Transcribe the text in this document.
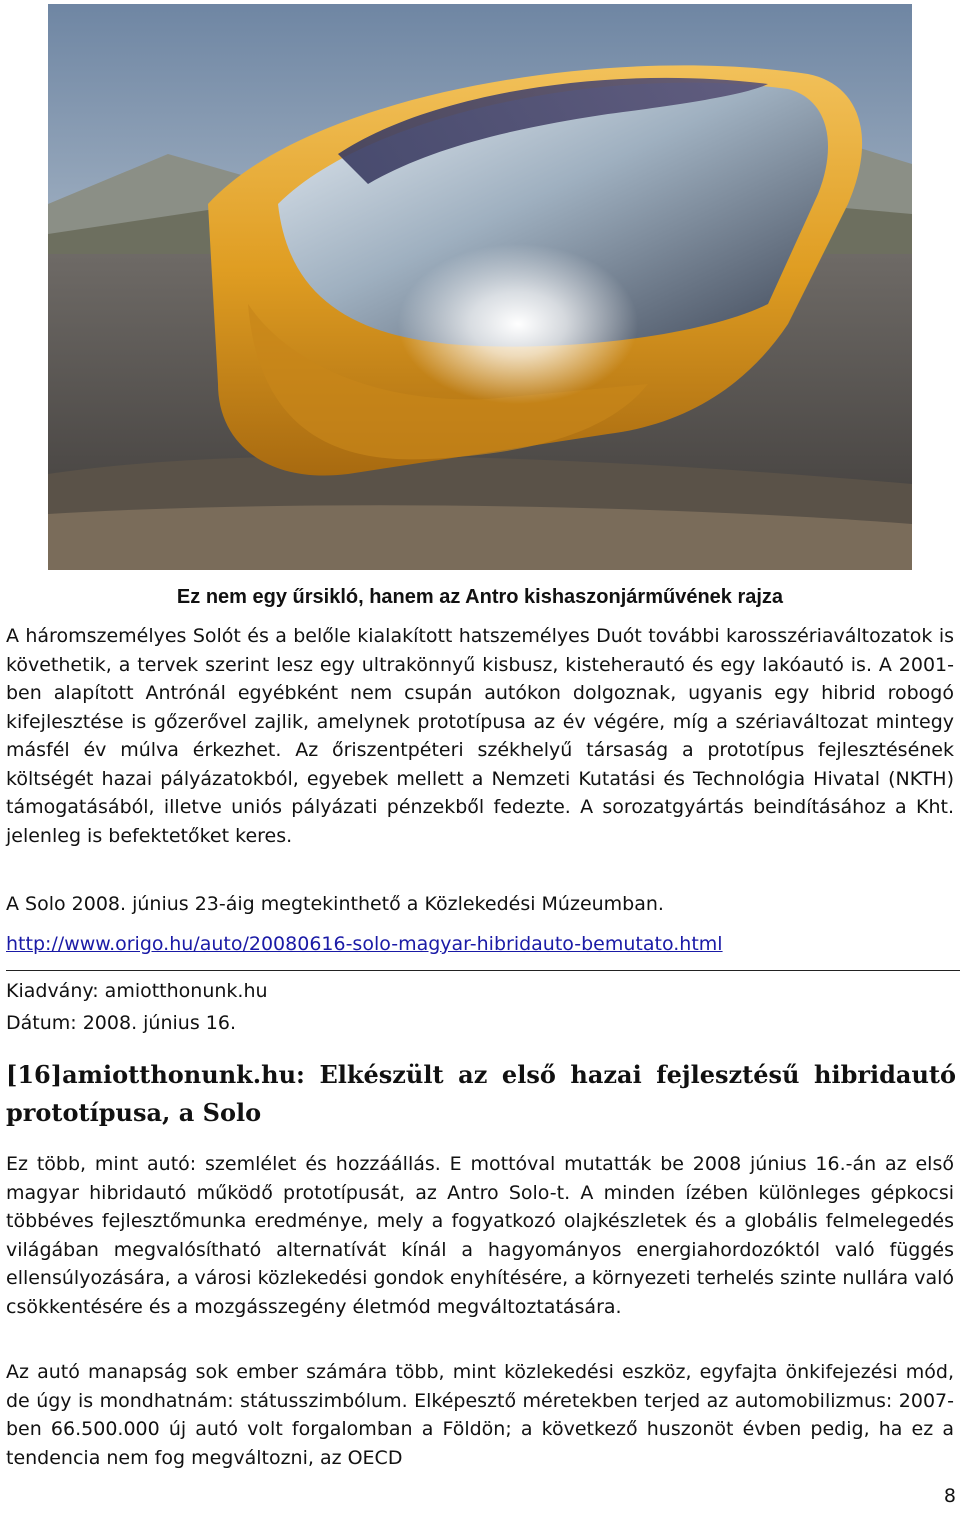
Ez nem egy űrsikló, hanem az Antro kishaszonjárművének rajza

A háromszemélyes Solót és a belőle kialakított hatszemélyes Duót további karosszériaváltozatok is követhetik, a tervek szerint lesz egy ultrakönnyű kisbusz, kisteherautó és egy lakóautó is. A 2001-ben alapított Antrónál egyébként nem csupán autókon dolgoznak, ugyanis egy hibrid robogó kifejlesztése is gőzerővel zajlik, amelynek prototípusa az év végére, míg a szériaváltozat mintegy másfél év múlva érkezhet. Az őriszentpéteri székhelyű társaság a prototípus fejlesztésének költségét hazai pályázatokból, egyebek mellett a Nemzeti Kutatási és Technológia Hivatal (NKTH) támogatásából, illetve uniós pályázati pénzekből fedezte. A sorozatgyártás beindításához a Kht. jelenleg is befektetőket keres.

A Solo 2008. június 23-áig megtekinthető a Közlekedési Múzeumban.
http://www.origo.hu/auto/20080616-solo-magyar-hibridauto-bemutato.html
Kiadvány: amiotthonunk.hu
Dátum: 2008. június 16.
[16]amiotthonunk.hu: Elkészült az első hazai fejlesztésű hibridautó prototípusa, a Solo

Ez több, mint autó: szemlélet és hozzáállás. E mottóval mutatták be 2008 június 16.-án az első magyar hibridautó működő prototípusát, az Antro Solo-t. A minden ízében különleges gépkocsi többéves fejlesztőmunka eredménye, mely a fogyatkozó olajkészletek és a globális felmelegedés világában megvalósítható alternatívát kínál a hagyományos energiahordozóktól való függés ellensúlyozására, a városi közlekedési gondok enyhítésére, a környezeti terhelés szinte nullára való csökkentésére és a mozgásszegény életmód megváltoztatására.

Az autó manapság sok ember számára több, mint közlekedési eszköz, egyfajta önkifejezési mód, de úgy is mondhatnám: státusszimbólum. Elképesztő méretekben terjed az automobilizmus: 2007-ben 66.500.000 új autó volt forgalomban a Földön; a következő huszonöt évben pedig, ha ez a tendencia nem fog megváltozni, az OECD

8
